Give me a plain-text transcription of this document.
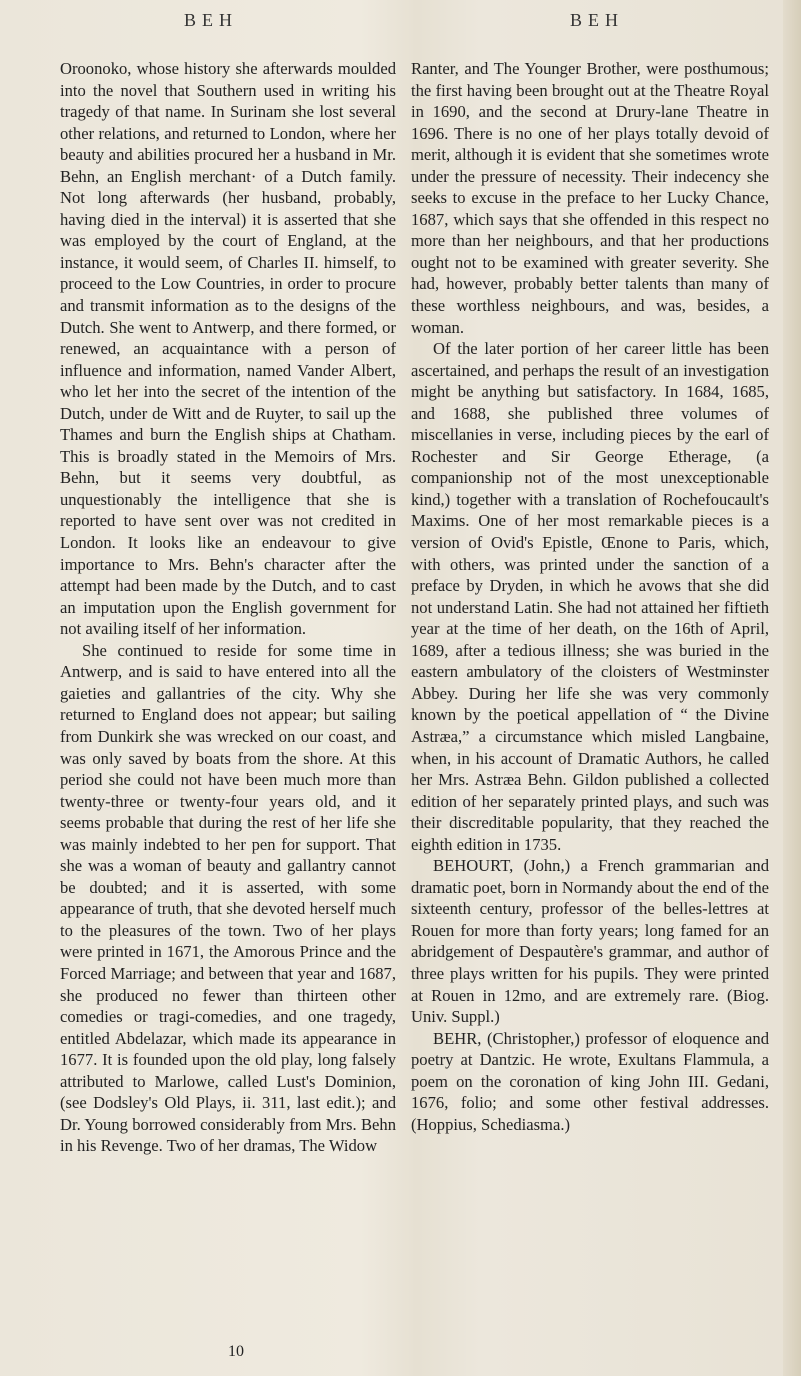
BEH	BEH

Oroonoko, whose history she afterwards moulded into the novel that Southern used in writing his tragedy of that name. In Surinam she lost several other relations, and returned to London, where her beauty and abilities procured her a husband in Mr. Behn, an English merchant· of a Dutch family. Not long afterwards (her husband, probably, having died in the interval) it is asserted that she was employed by the court of England, at the instance, it would seem, of Charles II. himself, to proceed to the Low Countries, in order to procure and transmit information as to the designs of the Dutch. She went to Antwerp, and there formed, or renewed, an acquaintance with a person of influence and information, named Vander Albert, who let her into the secret of the intention of the Dutch, under de Witt and de Ruyter, to sail up the Thames and burn the English ships at Chatham. This is broadly stated in the Memoirs of Mrs. Behn, but it seems very doubtful, as unquestionably the intelligence that she is reported to have sent over was not credited in London. It looks like an endeavour to give importance to Mrs. Behn's character after the attempt had been made by the Dutch, and to cast an imputation upon the English government for not availing itself of her information.

She continued to reside for some time in Antwerp, and is said to have entered into all the gaieties and gallantries of the city. Why she returned to England does not appear; but sailing from Dunkirk she was wrecked on our coast, and was only saved by boats from the shore. At this period she could not have been much more than twenty-three or twenty-four years old, and it seems probable that during the rest of her life she was mainly indebted to her pen for support. That she was a woman of beauty and gallantry cannot be doubted; and it is asserted, with some appearance of truth, that she devoted herself much to the pleasures of the town. Two of her plays were printed in 1671, the Amorous Prince and the Forced Marriage; and between that year and 1687, she produced no fewer than thirteen other comedies or tragi-comedies, and one tragedy, entitled Abdelazar, which made its appearance in 1677. It is founded upon the old play, long falsely attributed to Marlowe, called Lust's Dominion, (see Dodsley's Old Plays, ii. 311, last edit.); and Dr. Young borrowed considerably from Mrs. Behn in his Revenge. Two of her dramas, The Widow

Ranter, and The Younger Brother, were posthumous; the first having been brought out at the Theatre Royal in 1690, and the second at Drury-lane Theatre in 1696. There is no one of her plays totally devoid of merit, although it is evident that she sometimes wrote under the pressure of necessity. Their indecency she seeks to excuse in the preface to her Lucky Chance, 1687, which says that she offended in this respect no more than her neighbours, and that her productions ought not to be examined with greater severity. She had, however, probably better talents than many of these worthless neighbours, and was, besides, a woman.

Of the later portion of her career little has been ascertained, and perhaps the result of an investigation might be anything but satisfactory. In 1684, 1685, and 1688, she published three volumes of miscellanies in verse, including pieces by the earl of Rochester and Sir George Etherage, (a companionship not of the most unexceptionable kind,) together with a translation of Rochefoucault's Maxims. One of her most remarkable pieces is a version of Ovid's Epistle, Œnone to Paris, which, with others, was printed under the sanction of a preface by Dryden, in which he avows that she did not understand Latin. She had not attained her fiftieth year at the time of her death, on the 16th of April, 1689, after a tedious illness; she was buried in the eastern ambulatory of the cloisters of Westminster Abbey. During her life she was very commonly known by the poetical appellation of “ the Divine Astræa,” a circumstance which misled Langbaine, when, in his account of Dramatic Authors, he called her Mrs. Astræa Behn. Gildon published a collected edition of her separately printed plays, and such was their discreditable popularity, that they reached the eighth edition in 1735.

BEHOURT, (John,) a French grammarian and dramatic poet, born in Normandy about the end of the sixteenth century, professor of the belles-lettres at Rouen for more than forty years; long famed for an abridgement of Despautère's grammar, and author of three plays written for his pupils. They were printed at Rouen in 12mo, and are extremely rare. (Biog. Univ. Suppl.)

BEHR, (Christopher,) professor of eloquence and poetry at Dantzic. He wrote, Exultans Flammula, a poem on the coronation of king John III. Gedani, 1676, folio; and some other festival addresses. (Hoppius, Schediasma.)

10
